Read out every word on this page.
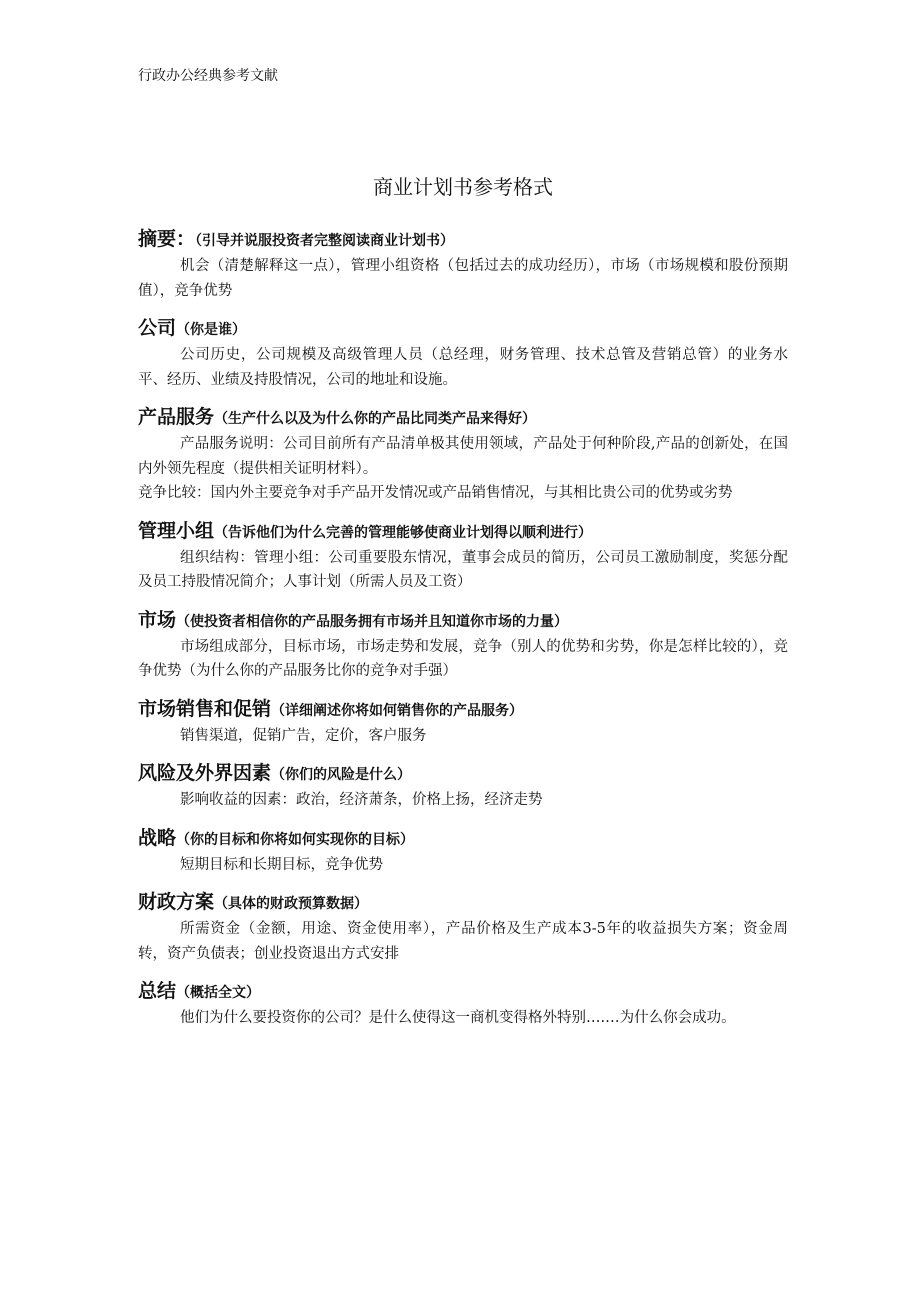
行政办公经典参考文献
商业计划书参考格式
摘要：（引导并说服投资者完整阅读商业计划书）

机会（清楚解释这一点），管理小组资格（包括过去的成功经历），市场（市场规模和股份预期值），竞争优势

公司（你是谁）

公司历史，公司规模及高级管理人员（总经理，财务管理、技术总管及营销总管）的业务水平、经历、业绩及持股情况，公司的地址和设施。

产品服务（生产什么以及为什么你的产品比同类产品来得好）

产品服务说明：公司目前所有产品清单极其使用领域，产品处于何种阶段,产品的创新处，在国内外领先程度（提供相关证明材料）。

竞争比较：国内外主要竞争对手产品开发情况或产品销售情况，与其相比贵公司的优势或劣势

管理小组（告诉他们为什么完善的管理能够使商业计划得以顺利进行）

组织结构：管理小组：公司重要股东情况，董事会成员的简历，公司员工激励制度，奖惩分配及员工持股情况简介；人事计划（所需人员及工资）

市场（使投资者相信你的产品服务拥有市场并且知道你市场的力量）

市场组成部分，目标市场，市场走势和发展，竞争（别人的优势和劣势，你是怎样比较的），竞争优势（为什么你的产品服务比你的竞争对手强）

市场销售和促销（详细阐述你将如何销售你的产品服务）

销售渠道，促销广告，定价，客户服务

风险及外界因素（你们的风险是什么）

影响收益的因素：政治，经济萧条，价格上扬，经济走势

战略（你的目标和你将如何实现你的目标）

短期目标和长期目标，竞争优势

财政方案（具体的财政预算数据）

所需资金（金额，用途、资金使用率），产品价格及生产成本3-5年的收益损失方案；资金周转，资产负债表；创业投资退出方式安排

总结（概括全文）

他们为什么要投资你的公司？是什么使得这一商机变得格外特别….…为什么你会成功。
